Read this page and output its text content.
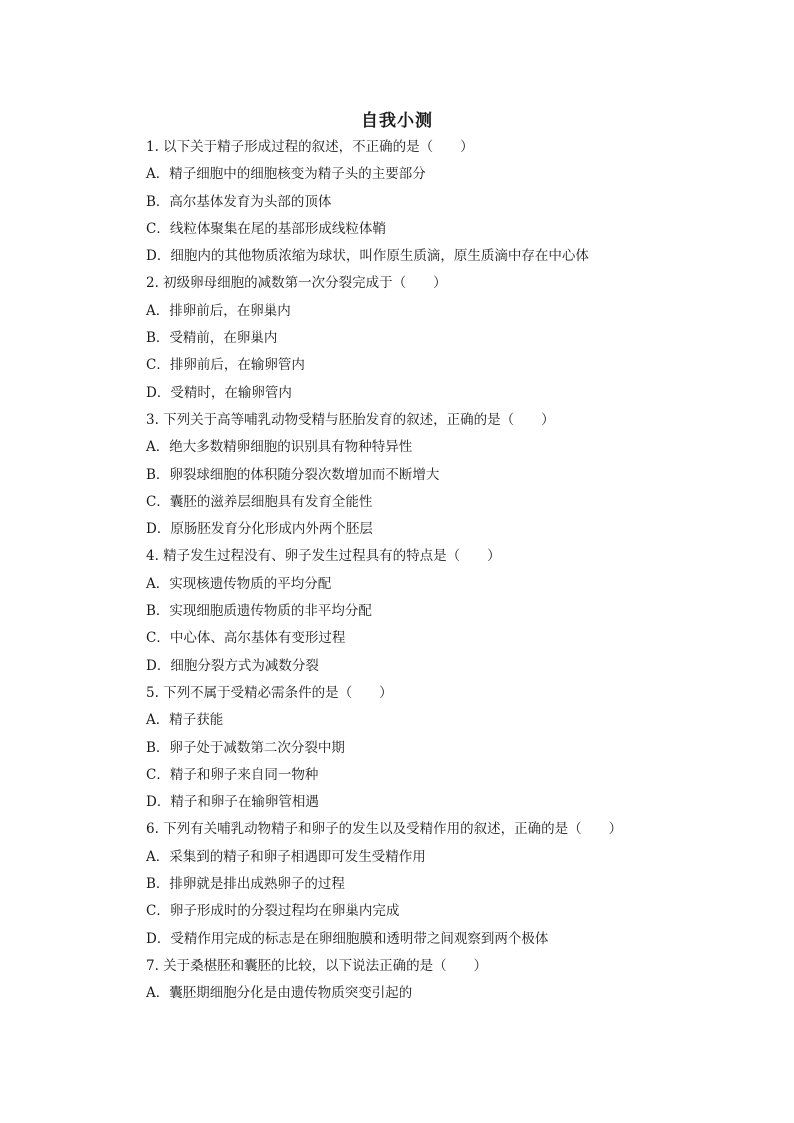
自我小测
1. 以下关于精子形成过程的叙述，不正确的是（　　）
A．精子细胞中的细胞核变为精子头的主要部分
B．高尔基体发育为头部的顶体
C．线粒体聚集在尾的基部形成线粒体鞘
D．细胞内的其他物质浓缩为球状，叫作原生质滴，原生质滴中存在中心体
2. 初级卵母细胞的减数第一次分裂完成于（　　）
A．排卵前后，在卵巢内
B．受精前，在卵巢内
C．排卵前后，在输卵管内
D．受精时，在输卵管内
3. 下列关于高等哺乳动物受精与胚胎发育的叙述，正确的是（　　）
A．绝大多数精卵细胞的识别具有物种特异性
B．卵裂球细胞的体积随分裂次数增加而不断增大
C．囊胚的滋养层细胞具有发育全能性
D．原肠胚发育分化形成内外两个胚层
4. 精子发生过程没有、卵子发生过程具有的特点是（　　）
A．实现核遗传物质的平均分配
B．实现细胞质遗传物质的非平均分配
C．中心体、高尔基体有变形过程
D．细胞分裂方式为减数分裂
5. 下列不属于受精必需条件的是（　　）
A．精子获能
B．卵子处于减数第二次分裂中期
C．精子和卵子来自同一物种
D．精子和卵子在输卵管相遇
6. 下列有关哺乳动物精子和卵子的发生以及受精作用的叙述，正确的是（　　）
A．采集到的精子和卵子相遇即可发生受精作用
B．排卵就是排出成熟卵子的过程
C．卵子形成时的分裂过程均在卵巢内完成
D．受精作用完成的标志是在卵细胞膜和透明带之间观察到两个极体
7. 关于桑椹胚和囊胚的比较，以下说法正确的是（　　）
A．囊胚期细胞分化是由遗传物质突变引起的
